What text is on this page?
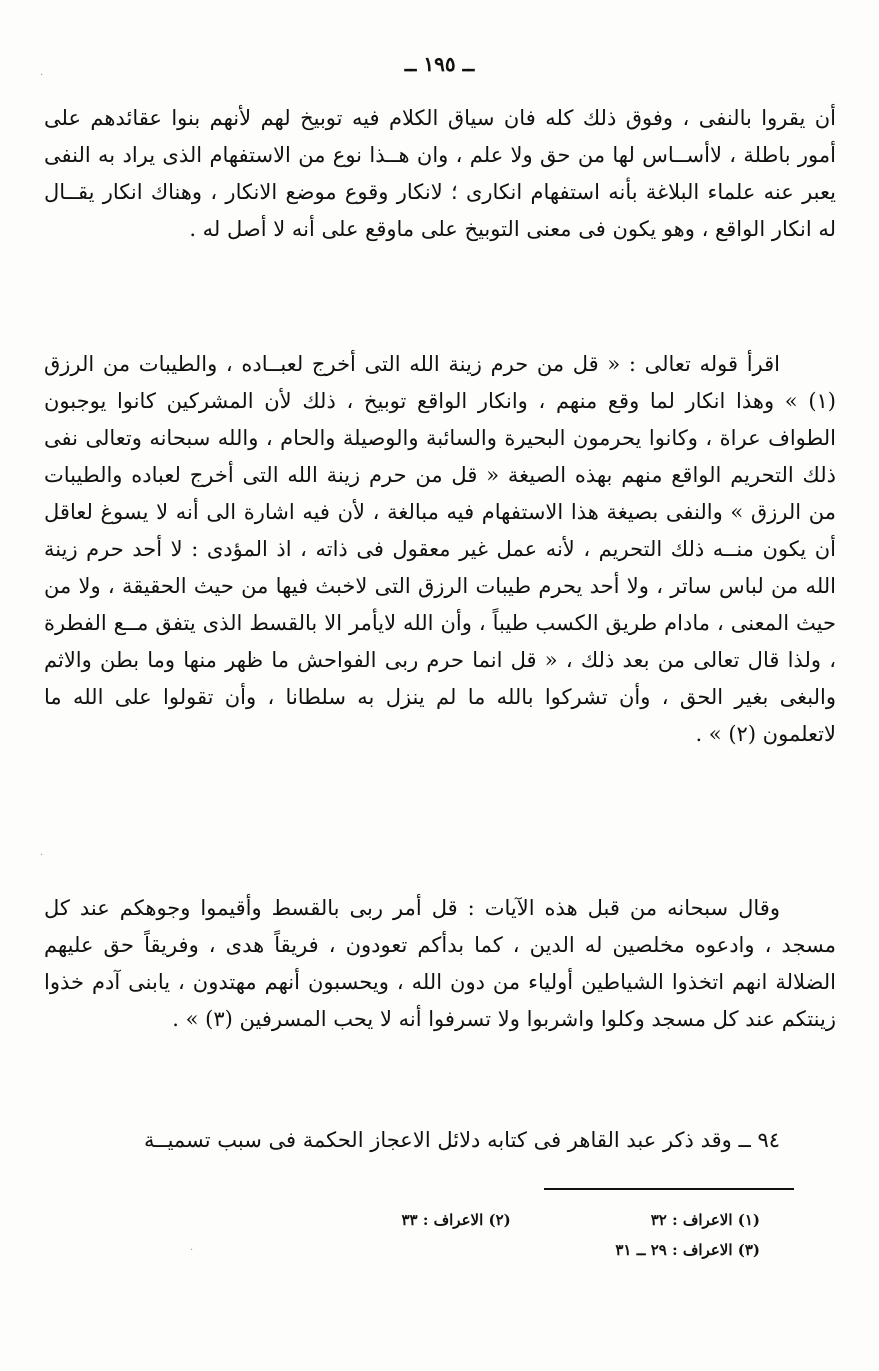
ــ ١٩٥ ــ

أن يقروا بالنفى ، وفوق ذلك كله فان سياق الكلام فيه توبيخ لهم لأنهم بنوا عقائدهم على أمور باطلة ، لاأســاس لها من حق ولا علم ، وان هــذا نوع من الاستفهام الذى يراد به النفى يعبر عنه علماء البلاغة بأنه استفهام انكارى ؛ لانكار وقوع موضع الانكار ، وهناك انكار يقــال له انكار الواقع ، وهو يكون فى معنى التوبيخ على ماوقع على أنه لا أصل له .

اقرأ قوله تعالى : « قل من حرم زينة الله التى أخرج لعبــاده ، والطيبات من الرزق (١) » وهذا انكار لما وقع منهم ، وانكار الواقع توبيخ ، ذلك لأن المشركين كانوا يوجبون الطواف عراة ، وكانوا يحرمون البحيرة والسائبة والوصيلة والحام ، والله سبحانه وتعالى نفى ذلك التحريم الواقع منهم بهذه الصيغة « قل من حرم زينة الله التى أخرج لعباده والطيبات من الرزق » والنفى بصيغة هذا الاستفهام فيه مبالغة ، لأن فيه اشارة الى أنه لا يسوغ لعاقل أن يكون منــه ذلك التحريم ، لأنه عمل غير معقول فى ذاته ، اذ المؤدى : لا أحد حرم زينة الله من لباس ساتر ، ولا أحد يحرم طيبات الرزق التى لاخبث فيها من حيث الحقيقة ، ولا من حيث المعنى ، مادام طريق الكسب طيباً ، وأن الله لايأمر الا بالقسط الذى يتفق مــع الفطرة ، ولذا قال تعالى من بعد ذلك ، « قل انما حرم ربى الفواحش ما ظهر منها وما بطن والاثم والبغى بغير الحق ، وأن تشركوا بالله ما لم ينزل به سلطانا ، وأن تقولوا على الله ما لاتعلمون (٢) » .

وقال سبحانه من قبل هذه الآيات : قل أمر ربى بالقسط وأقيموا وجوهكم عند كل مسجد ، وادعوه مخلصين له الدين ، كما بدأكم تعودون ، فريقاً هدى ، وفريقاً حق عليهم الضلالة انهم اتخذوا الشياطين أولياء من دون الله ، ويحسبون أنهم مهتدون ، يابنى آدم خذوا زينتكم عند كل مسجد وكلوا واشربوا ولا تسرفوا أنه لا يحب المسرفين (٣) » .

٩٤ ــ وقد ذكر عبد القاهر فى كتابه دلائل الاعجاز الحكمة فى سبب تسميــة

(١) الاعراف : ٣٢
(٢) الاعراف : ٣٣
(٣) الاعراف : ٢٩ ــ ٣١
·
·
·
